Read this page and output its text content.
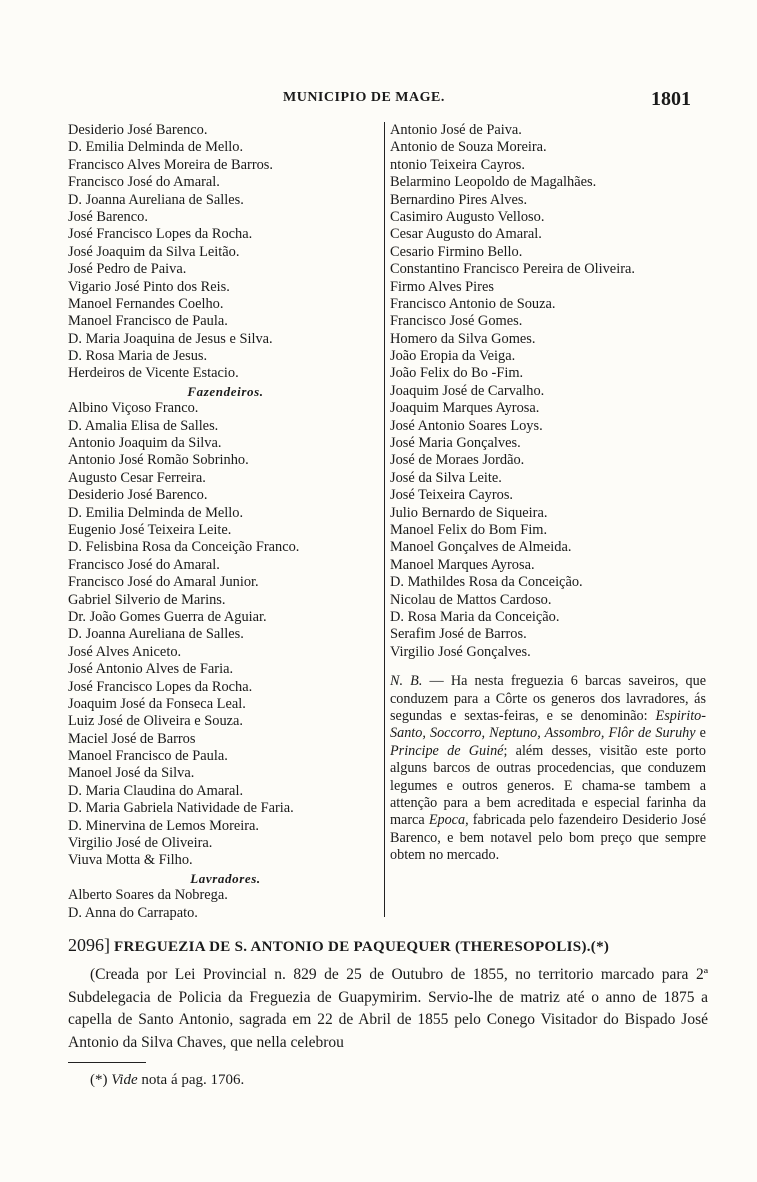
MUNICIPIO DE MAGE.	1801
Desiderio José Barenco.
D. Emilia Delminda de Mello.
Francisco Alves Moreira de Barros.
Francisco José do Amaral.
D. Joanna Aureliana de Salles.
José Barenco.
José Francisco Lopes da Rocha.
José Joaquim da Silva Leitão.
José Pedro de Paiva.
Vigario José Pinto dos Reis.
Manoel Fernandes Coelho.
Manoel Francisco de Paula.
D. Maria Joaquina de Jesus e Silva.
D. Rosa Maria de Jesus.
Herdeiros de Vicente Estacio.
Fazendeiros.
Albino Viçoso Franco.
D. Amalia Elisa de Salles.
Antonio Joaquim da Silva.
Antonio José Romão Sobrinho.
Augusto Cesar Ferreira.
Desiderio José Barenco.
D. Emilia Delminda de Mello.
Eugenio José Teixeira Leite.
D. Felisbina Rosa da Conceição Franco.
Francisco José do Amaral.
Francisco José do Amaral Junior.
Gabriel Silverio de Marins.
Dr. João Gomes Guerra de Aguiar.
D. Joanna Aureliana de Salles.
José Alves Aniceto.
José Antonio Alves de Faria.
José Francisco Lopes da Rocha.
Joaquim José da Fonseca Leal.
Luiz José de Oliveira e Souza.
Maciel José de Barros
Manoel Francisco de Paula.
Manoel José da Silva.
D. Maria Claudina do Amaral.
D. Maria Gabriela Natividade de Faria.
D. Minervina de Lemos Moreira.
Virgilio José de Oliveira.
Viuva Motta & Filho.
Lavradores.
Alberto Soares da Nobrega.
D. Anna do Carrapato.
Antonio José de Paiva.
Antonio de Souza Moreira.
ntonio Teixeira Cayros.
Belarmino Leopoldo de Magalhães.
Bernardino Pires Alves.
Casimiro Augusto Velloso.
Cesar Augusto do Amaral.
Cesario Firmino Bello.
Constantino Francisco Pereira de Oliveira.
Firmo Alves Pires
Francisco Antonio de Souza.
Francisco José Gomes.
Homero da Silva Gomes.
João Eropia da Veiga.
João Felix do Bo -Fim.
Joaquim José de Carvalho.
Joaquim Marques Ayrosa.
José Antonio Soares Loys.
José Maria Gonçalves.
José de Moraes Jordão.
José da Silva Leite.
José Teixeira Cayros.
Julio Bernardo de Siqueira.
Manoel Felix do Bom Fim.
Manoel Gonçalves de Almeida.
Manoel Marques Ayrosa.
D. Mathildes Rosa da Conceição.
Nicolau de Mattos Cardoso.
D. Rosa Maria da Conceição.
Serafim José de Barros.
Virgilio José Gonçalves.
N. B. — Ha nesta freguezia 6 barcas saveiros, que conduzem para a Côrte os generos dos lavradores, ás segundas e sextas-feiras, e se denominão: Espirito-Santo, Soccorro, Neptuno, Assombro, Flôr de Suruhy e Principe de Guiné; além desses, visitão este porto alguns barcos de outras procedencias, que conduzem legumes e outros generos. E chama-se tambem a attenção para a bem acreditada e especial farinha da marca Epoca, fabricada pelo fazendeiro Desiderio José Barenco, e bem notavel pelo bom preço que sempre obtem no mercado.
2096] FREGUEZIA DE S. ANTONIO DE PAQUEQUER (THERESOPOLIS).(*)
(Creada por Lei Provincial n. 829 de 25 de Outubro de 1855, no territorio marcado para 2ª Subdelegacia de Policia da Freguezia de Guapymirim. Servio-lhe de matriz até o anno de 1875 a capella de Santo Antonio, sagrada em 22 de Abril de 1855 pelo Conego Visitador do Bispado José Antonio da Silva Chaves, que nella celebrou
(*) Vide nota á pag. 1706.
